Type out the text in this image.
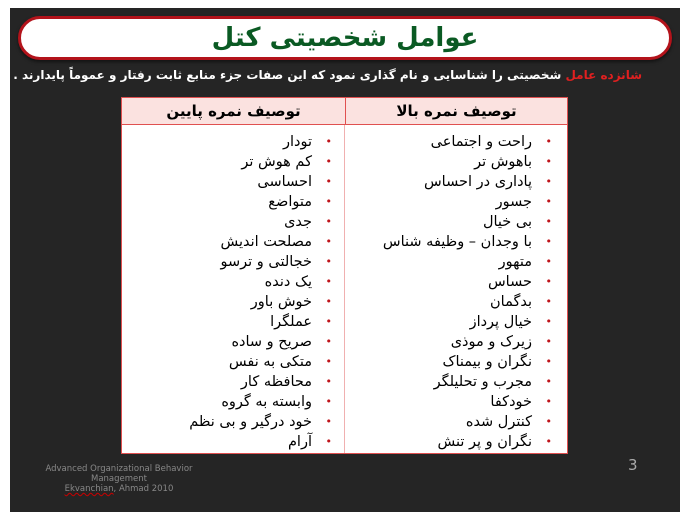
عوامل شخصیتی کتل
شانزده عامل شخصیتی را شناسایی و نام گذاری نمود که این صفات جزء منابع ثابت رفتار و عموماً پایدارند .
توصیف نمره بالا
توصیف نمره پایین
•
راحت و اجتماعی
•
باهوش تر
•
پاداری در احساس
•
جسور
•
بی خیال
•
با وجدان – وظیفه شناس
•
متهور
•
حساس
•
بدگمان
•
خیال پرداز
•
زیرک و موذی
•
نگران و بیمناک
•
مجرب و تحلیلگر
•
خودکفا
•
کنترل شده
•
نگران و پر تنش
•
تودار
•
کم هوش تر
•
احساسی
•
متواضع
•
جدی
•
مصلحت اندیش
•
خجالتی و ترسو
•
یک دنده
•
خوش باور
•
عملگرا
•
صریح و ساده
•
متکی به نفس
•
محافظه کار
•
وابسته به گروه
•
خود درگیر و بی نظم
•
آرام
3
Advanced Organizational Behavior
Management
Ekvanchian, Ahmad 2010
